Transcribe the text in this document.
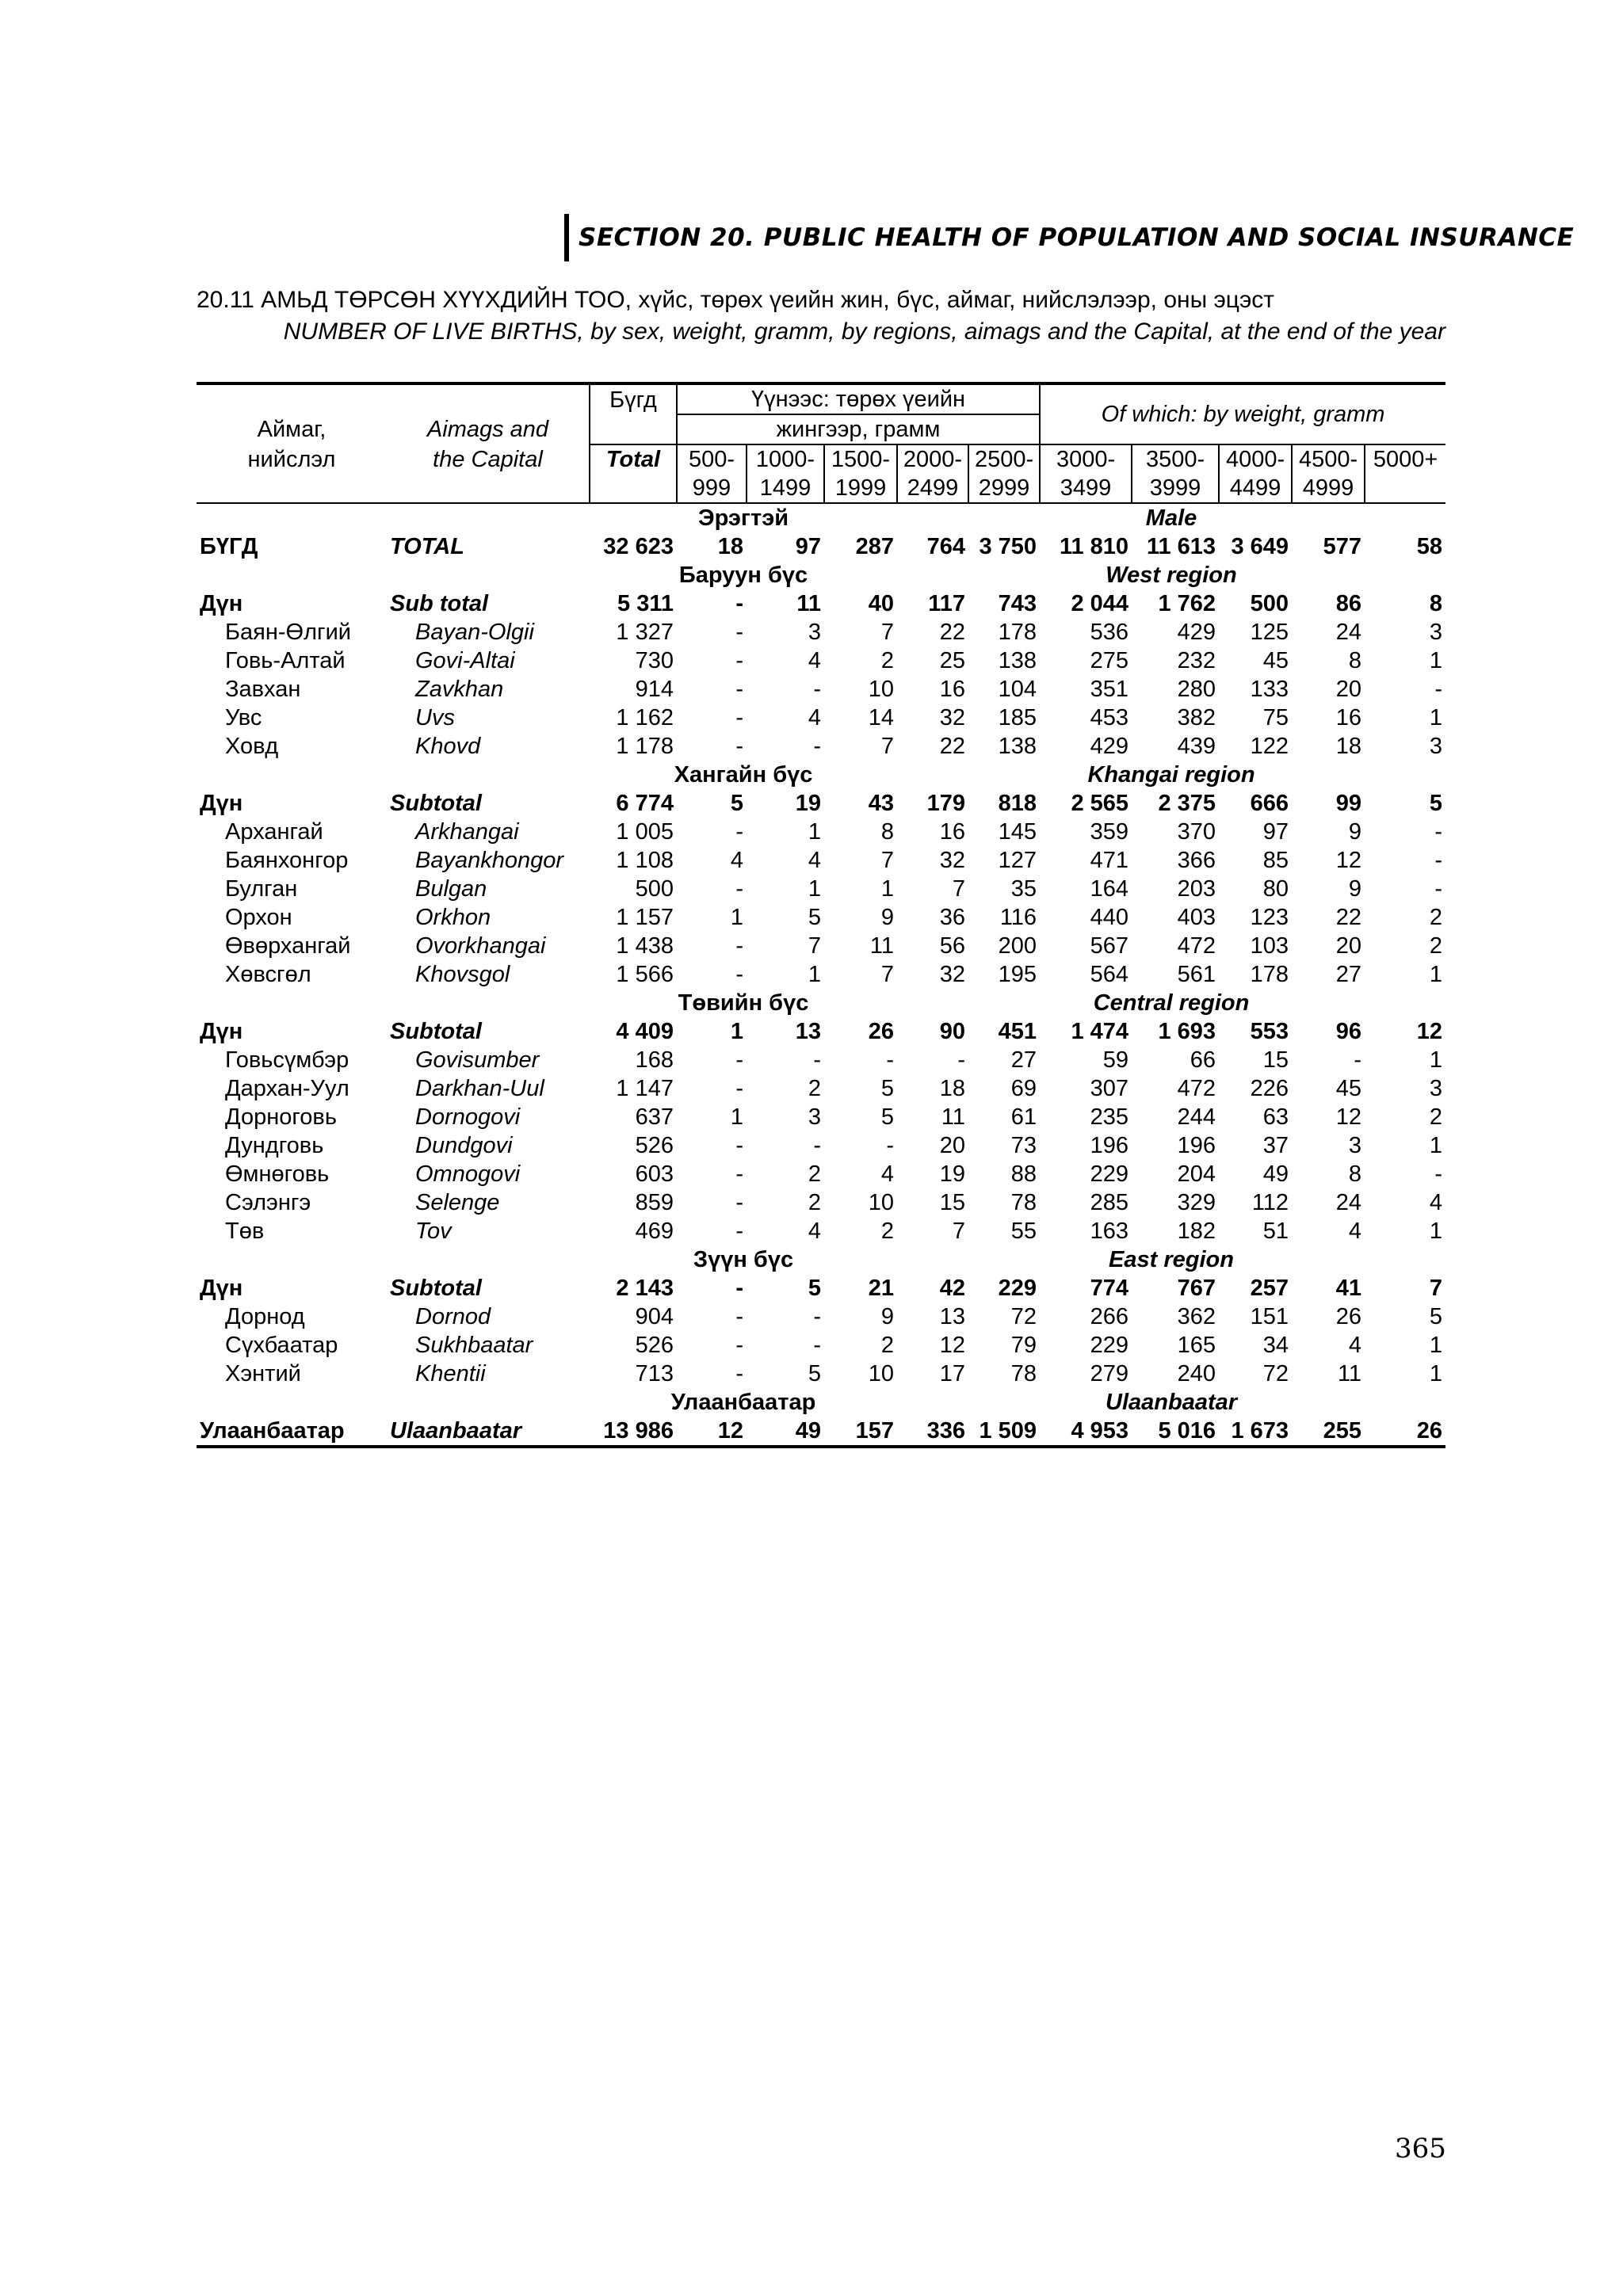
SECTION 20. PUBLIC HEALTH OF POPULATION AND SOCIAL INSURANCE
20.11 АМЬД ТӨРСӨН ХҮҮХДИЙН ТОО, хүйс, төрөх үеийн жин, бүс, аймаг, нийслэлээр, оны эцэст
NUMBER OF LIVE BIRTHS, by sex, weight, gramm, by regions, aimags and the Capital, at the end of the year
		Бүгд	Үүнээс: төрөх үеийн					Of which: by weight, gramm				
Аймаг,	Aimags and		жингээр, грамм									
нийслэл	the Capital	Total	500-	1000-	1500-	2000-	2500-	3000-	3500-	4000-	4500-	5000+
			999	1499	1999	2499	2999	3499	3999	4499	4999	
		Эрэгтэй				Male						
БҮГД	TOTAL	32 623	18	97	287	764	3 750	11 810	11 613	3 649	577	58
		Баруун бүс				West region						
Дүн	Sub total	5 311	-	11	40	117	743	2 044	1 762	500	86	8
Баян-Өлгий	Bayan-Olgii	1 327	-	3	7	22	178	536	429	125	24	3
Говь-Алтай	Govi-Altai	730	-	4	2	25	138	275	232	45	8	1
Завхан	Zavkhan	914	-	-	10	16	104	351	280	133	20	-
Увс	Uvs	1 162	-	4	14	32	185	453	382	75	16	1
Ховд	Khovd	1 178	-	-	7	22	138	429	439	122	18	3
		Хангайн бүс				Khangai region						
Дүн	Subtotal	6 774	5	19	43	179	818	2 565	2 375	666	99	5
Архангай	Arkhangai	1 005	-	1	8	16	145	359	370	97	9	-
Баянхонгор	Bayankhongor	1 108	4	4	7	32	127	471	366	85	12	-
Булган	Bulgan	500	-	1	1	7	35	164	203	80	9	-
Орхон	Orkhon	1 157	1	5	9	36	116	440	403	123	22	2
Өвөрхангай	Ovorkhangai	1 438	-	7	11	56	200	567	472	103	20	2
Хөвсгөл	Khovsgol	1 566	-	1	7	32	195	564	561	178	27	1
		Төвийн бүс				Central region						
Дүн	Subtotal	4 409	1	13	26	90	451	1 474	1 693	553	96	12
Говьсүмбэр	Govisumber	168	-	-	-	-	27	59	66	15	-	1
Дархан-Уул	Darkhan-Uul	1 147	-	2	5	18	69	307	472	226	45	3
Дорноговь	Dornogovi	637	1	3	5	11	61	235	244	63	12	2
Дундговь	Dundgovi	526	-	-	-	20	73	196	196	37	3	1
Өмнөговь	Omnogovi	603	-	2	4	19	88	229	204	49	8	-
Сэлэнгэ	Selenge	859	-	2	10	15	78	285	329	112	24	4
Төв	Tov	469	-	4	2	7	55	163	182	51	4	1
		Зүүн бүс				East region						
Дүн	Subtotal	2 143	-	5	21	42	229	774	767	257	41	7
Дорнод	Dornod	904	-	-	9	13	72	266	362	151	26	5
Сүхбаатар	Sukhbaatar	526	-	-	2	12	79	229	165	34	4	1
Хэнтий	Khentii	713	-	5	10	17	78	279	240	72	11	1
		Улаанбаатар				Ulaanbaatar						
Улаанбаатар	Ulaanbaatar	13 986	12	49	157	336	1 509	4 953	5 016	1 673	255	26
365
